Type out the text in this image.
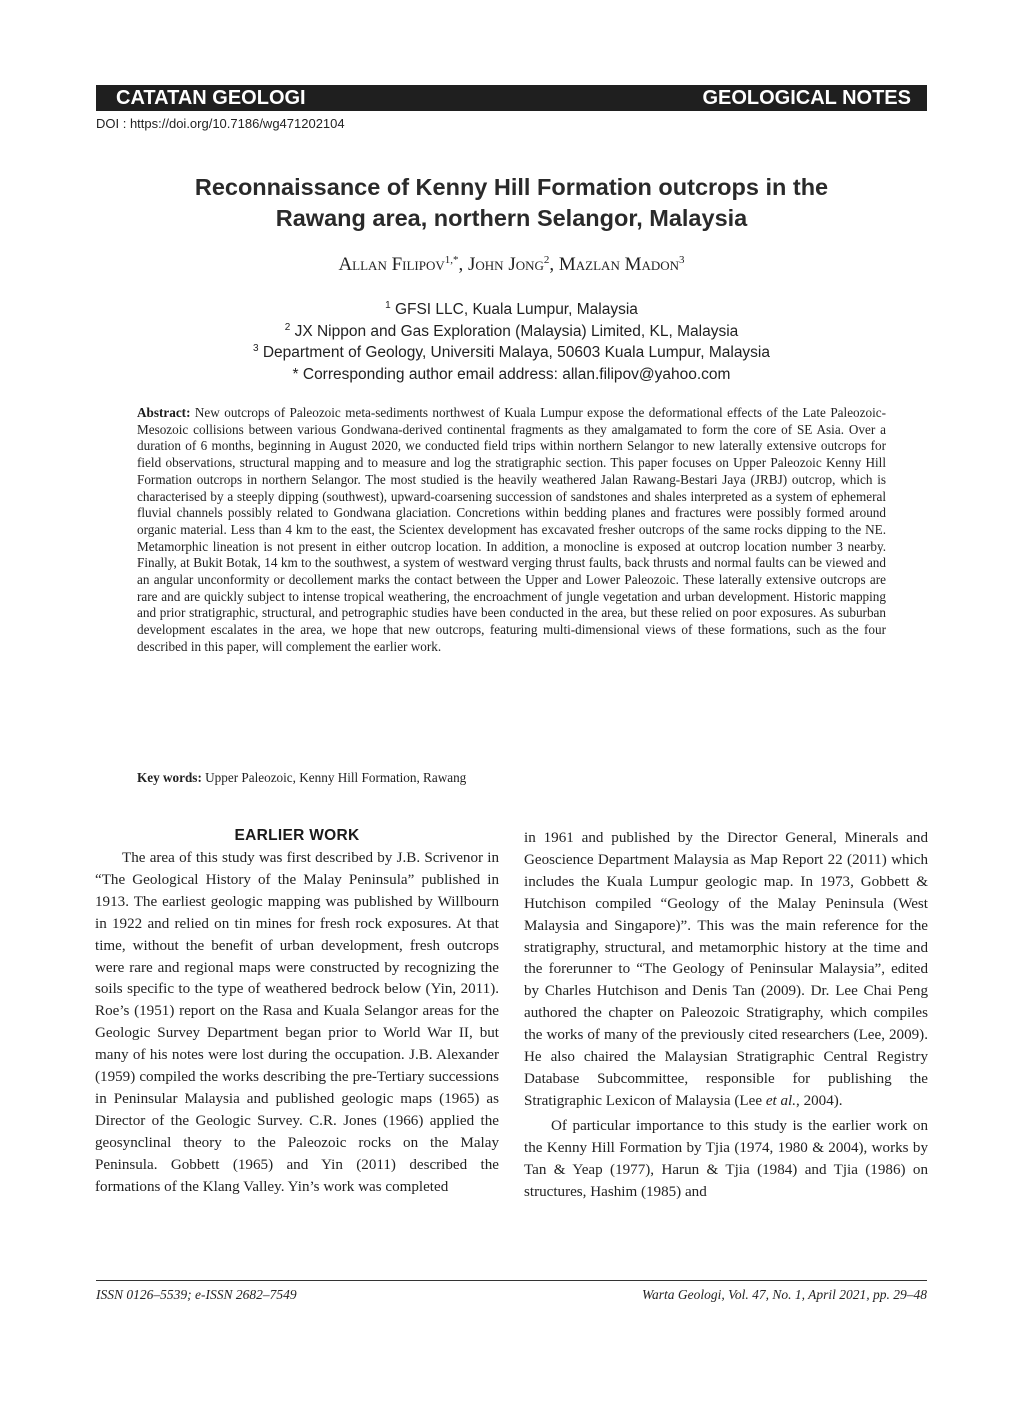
CATATAN GEOLOGI	GEOLOGICAL NOTES
DOI : https://doi.org/10.7186/wg471202104
Reconnaissance of Kenny Hill Formation outcrops in the
Rawang area, northern Selangor, Malaysia
Allan Filipov$^{1,*}$, John Jong$^2$, Mazlan Madon$^3$
$^1$ GFSI LLC, Kuala Lumpur, Malaysia
$^2$ JX Nippon and Gas Exploration (Malaysia) Limited, KL, Malaysia
$^3$ Department of Geology, Universiti Malaya, 50603 Kuala Lumpur, Malaysia
* Corresponding author email address: allan.filipov@yahoo.com
Abstract: New outcrops of Paleozoic meta-sediments northwest of Kuala Lumpur expose the deformational effects of the Late Paleozoic-Mesozoic collisions between various Gondwana-derived continental fragments as they amalgamated to form the core of SE Asia. Over a duration of 6 months, beginning in August 2020, we conducted field trips within northern Selangor to new laterally extensive outcrops for field observations, structural mapping and to measure and log the stratigraphic section. This paper focuses on Upper Paleozoic Kenny Hill Formation outcrops in northern Selangor. The most studied is the heavily weathered Jalan Rawang-Bestari Jaya (JRBJ) outcrop, which is characterised by a steeply dipping (southwest), upward-coarsening succession of sandstones and shales interpreted as a system of ephemeral fluvial channels possibly related to Gondwana glaciation. Concretions within bedding planes and fractures were possibly formed around organic material. Less than 4 km to the east, the Scientex development has excavated fresher outcrops of the same rocks dipping to the NE. Metamorphic lineation is not present in either outcrop location. In addition, a monocline is exposed at outcrop location number 3 nearby. Finally, at Bukit Botak, 14 km to the southwest, a system of westward verging thrust faults, back thrusts and normal faults can be viewed and an angular unconformity or decollement marks the contact between the Upper and Lower Paleozoic. These laterally extensive outcrops are rare and are quickly subject to intense tropical weathering, the encroachment of jungle vegetation and urban development. Historic mapping and prior stratigraphic, structural, and petrographic studies have been conducted in the area, but these relied on poor exposures. As suburban development escalates in the area, we hope that new outcrops, featuring multi-dimensional views of these formations, such as the four described in this paper, will complement the earlier work.
Key words: Upper Paleozoic, Kenny Hill Formation, Rawang
EARLIER WORK

The area of this study was first described by J.B. Scrivenor in “The Geological History of the Malay Peninsula” published in 1913. The earliest geologic mapping was published by Willbourn in 1922 and relied on tin mines for fresh rock exposures. At that time, without the benefit of urban development, fresh outcrops were rare and regional maps were constructed by recognizing the soils specific to the type of weathered bedrock below (Yin, 2011). Roe’s (1951) report on the Rasa and Kuala Selangor areas for the Geologic Survey Department began prior to World War II, but many of his notes were lost during the occupation. J.B. Alexander (1959) compiled the works describing the pre-Tertiary successions in Peninsular Malaysia and published geologic maps (1965) as Director of the Geologic Survey. C.R. Jones (1966) applied the geosynclinal theory to the Paleozoic rocks on the Malay Peninsula. Gobbett (1965) and Yin (2011) described the formations of the Klang Valley. Yin’s work was completed

in 1961 and published by the Director General, Minerals and Geoscience Department Malaysia as Map Report 22 (2011) which includes the Kuala Lumpur geologic map. In 1973, Gobbett & Hutchison compiled “Geology of the Malay Peninsula (West Malaysia and Singapore)”. This was the main reference for the stratigraphy, structural, and metamorphic history at the time and the forerunner to “The Geology of Peninsular Malaysia”, edited by Charles Hutchison and Denis Tan (2009). Dr. Lee Chai Peng authored the chapter on Paleozoic Stratigraphy, which compiles the works of many of the previously cited researchers (Lee, 2009). He also chaired the Malaysian Stratigraphic Central Registry Database Subcommittee, responsible for publishing the Stratigraphic Lexicon of Malaysia (Lee et al., 2004).

Of particular importance to this study is the earlier work on the Kenny Hill Formation by Tjia (1974, 1980 & 2004), works by Tan & Yeap (1977), Harun & Tjia (1984) and Tjia (1986) on structures, Hashim (1985) and

ISSN 0126–5539; e-ISSN 2682–7549	Warta Geologi, Vol. 47, No. 1, April 2021, pp. 29–48
